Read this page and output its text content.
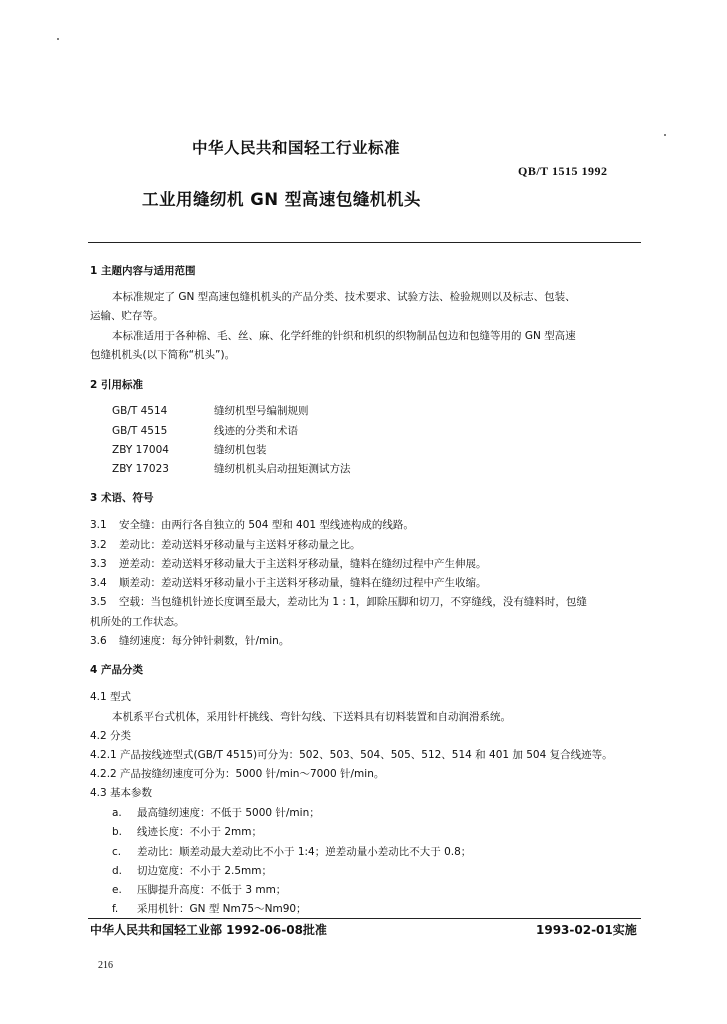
中华人民共和国轻工行业标准
QB/T 1515 1992
工业用缝纫机 GN 型高速包缝机机头
1 主题内容与适用范围
本标准规定了 GN 型高速包缝机机头的产品分类、技术要求、试验方法、检验规则以及标志、包装、
运输、贮存等。
本标准适用于各种棉、毛、丝、麻、化学纤维的针织和机织的织物制品包边和包缝等用的 GN 型高速
包缝机机头(以下简称“机头”)。
2 引用标准
GB/T 4514	缝纫机型号编制规则
GB/T 4515	线迹的分类和术语
ZBY 17004	缝纫机包装
ZBY 17023	缝纫机机头启动扭矩测试方法
3 术语、符号
3.1 安全缝：由两行各自独立的 504 型和 401 型线迹构成的线路。
3.2 差动比：差动送料牙移动量与主送料牙移动量之比。
3.3 逆差动：差动送料牙移动量大于主送料牙移动量，缝料在缝纫过程中产生伸展。
3.4 顺差动：差动送料牙移动量小于主送料牙移动量，缝料在缝纫过程中产生收缩。
3.5 空载：当包缝机针迹长度调至最大，差动比为 1 : 1，卸除压脚和切刀，不穿缝线，没有缝料时，包缝
机所处的工作状态。
3.6 缝纫速度：每分钟针刺数，针/min。
4 产品分类
4.1 型式
本机系平台式机体，采用针杆挑线、弯针勾线、下送料具有切料装置和自动润滑系统。
4.2 分类
4.2.1 产品按线迹型式(GB/T 4515)可分为：502、503、504、505、512、514 和 401 加 504 复合线迹等。
4.2.2 产品按缝纫速度可分为：5000 针/min～7000 针/min。
4.3 基本参数
a. 最高缝纫速度：不低于 5000 针/min；
b. 线迹长度：不小于 2mm；
c. 差动比：顺差动最大差动比不小于 1:4；逆差动量小差动比不大于 0.8；
d. 切边宽度：不小于 2.5mm；
e. 压脚提升高度：不低于 3 mm；
f. 采用机针：GN 型 Nm75～Nm90；
中华人民共和国轻工业部 1992-06-08批准	1993-02-01实施
216
